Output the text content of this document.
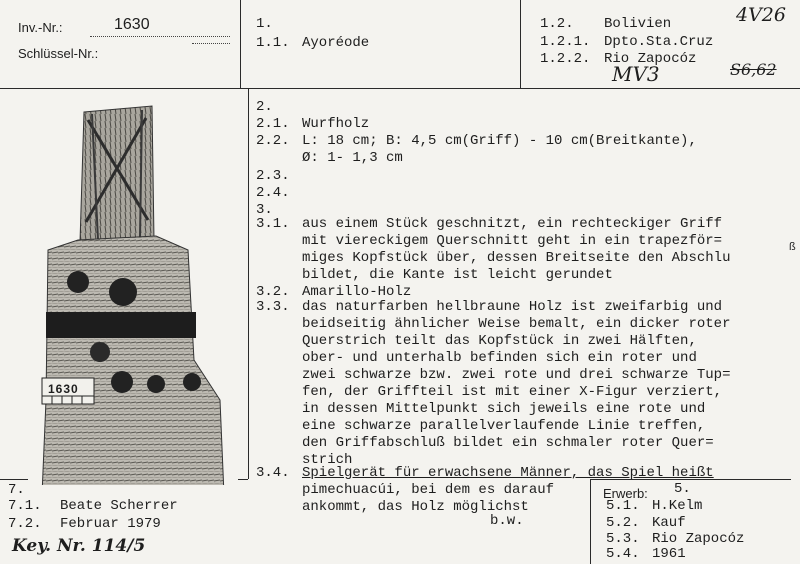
Inv.-Nr.:	1630
Schlüssel-Nr.:
1.
1.1. Ayoréode
1.2. Bolivien
1.2.1. Dpto.Sta.Cruz
1.2.2. Rio Zapocóz
4V26
MV3	S6,62
1630
2.
2.1. Wurfholz
2.2. L: 18 cm; B: 4,5 cm(Griff) - 10 cm(Breitkante),
Ø: 1- 1,3 cm
2.3.
2.4.
3.
3.1. aus einem Stück geschnitzt, ein rechteckiger Griff
mit viereckigem Querschnitt geht in ein trapezför=
miges Kopfstück über, dessen Breitseite den Abschlu
bildet, die Kante ist leicht gerundet
ß
3.2. Amarillo-Holz
3.3. das naturfarben hellbraune Holz ist zweifarbig und
beidseitig ähnlicher Weise bemalt, ein dicker roter
Querstrich teilt das Kopfstück in zwei Hälften,
ober- und unterhalb befinden sich ein roter und
zwei schwarze bzw. zwei rote und drei schwarze Tup=
fen, der Griffteil ist mit einer X-Figur verziert,
in dessen Mittelpunkt sich jeweils eine rote und
eine schwarze parallelverlaufende Linie treffen,
den Griffabschluß bildet ein schmaler roter Quer=
strich
3.4. Spielgerät für erwachsene Männer, das Spiel heißt
pimechuacúi, bei dem es darauf
ankommt, das Holz möglichst
b.w.
7.
7.1. Beate Scherrer
7.2. Februar 1979
Key. Nr. 114/5
Erwerb: 5.
5.1. H.Kelm
5.2. Kauf
5.3. Rio Zapocóz
5.4. 1961
